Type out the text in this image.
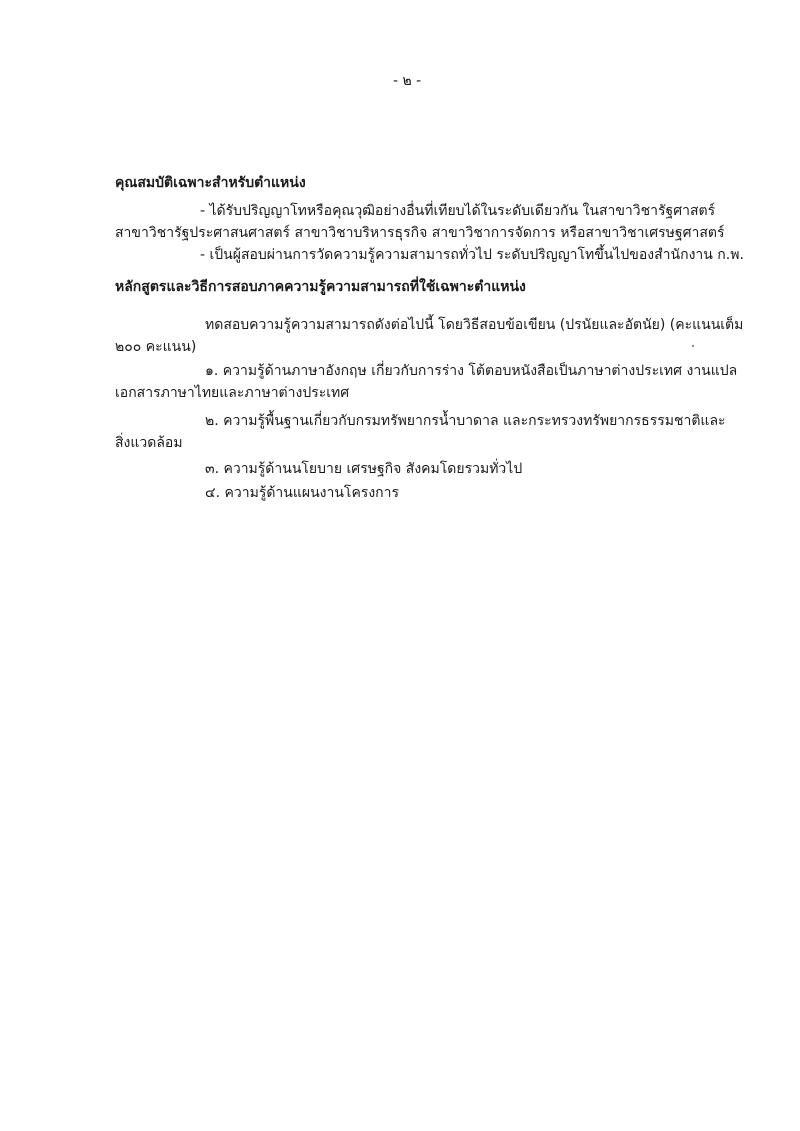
- ๒ -
คุณสมบัติเฉพาะสำหรับตำแหน่ง
- ได้รับปริญญาโทหรือคุณวุฒิอย่างอื่นที่เทียบได้ในระดับเดียวกัน ในสาขาวิชารัฐศาสตร์
สาขาวิชารัฐประศาสนศาสตร์ สาขาวิชาบริหารธุรกิจ สาขาวิชาการจัดการ หรือสาขาวิชาเศรษฐศาสตร์
- เป็นผู้สอบผ่านการวัดความรู้ความสามารถทั่วไป ระดับปริญญาโทขึ้นไปของสำนักงาน ก.พ.
หลักสูตรและวิธีการสอบภาคความรู้ความสามารถที่ใช้เฉพาะตำแหน่ง
ทดสอบความรู้ความสามารถดังต่อไปนี้ โดยวิธีสอบข้อเขียน (ปรนัยและอัตนัย) (คะแนนเต็ม
๒๐๐ คะแนน)
๑. ความรู้ด้านภาษาอังกฤษ เกี่ยวกับการร่าง โต้ตอบหนังสือเป็นภาษาต่างประเทศ งานแปล
เอกสารภาษาไทยและภาษาต่างประเทศ
๒. ความรู้พื้นฐานเกี่ยวกับกรมทรัพยากรน้ำบาดาล และกระทรวงทรัพยากรธรรมชาติและ
สิ่งแวดล้อม
๓. ความรู้ด้านนโยบาย เศรษฐกิจ สังคมโดยรวมทั่วไป
๔. ความรู้ด้านแผนงานโครงการ
